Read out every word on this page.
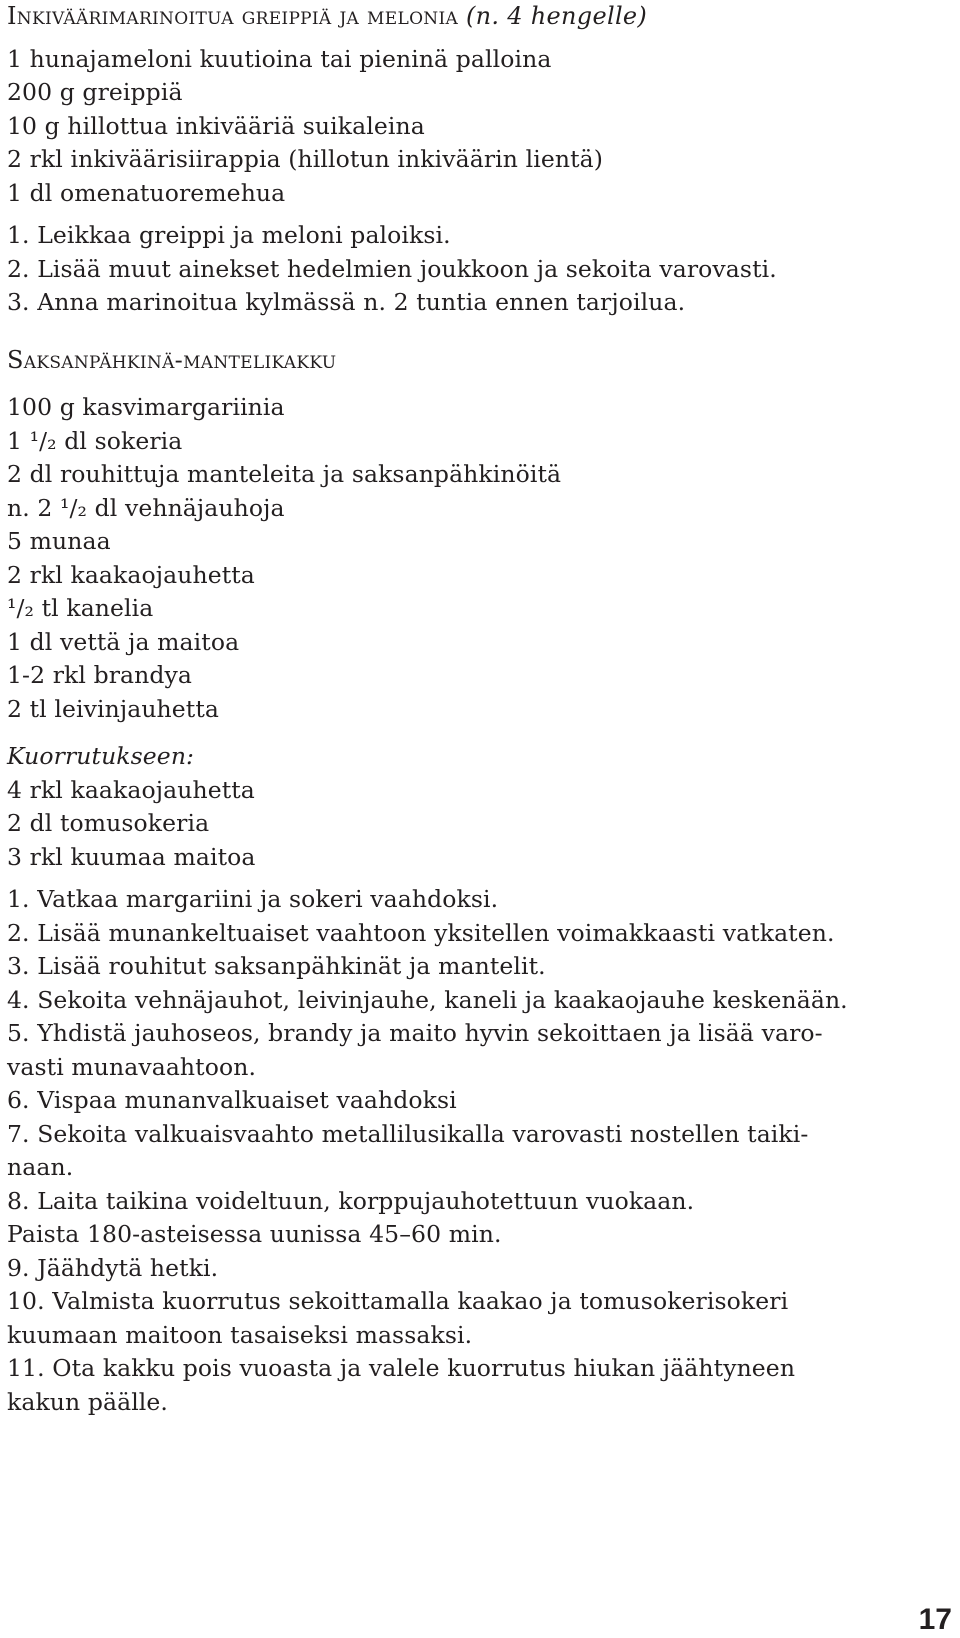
Inkiväärimarinoitua greippiä ja melonia (n. 4 hengelle)
1 hunajameloni kuutioina tai pieninä palloina
200 g greippiä
10 g hillottua inkivääriä suikaleina
2 rkl inkiväärisiirappia (hillotun inkiväärin lientä)
1 dl omenatuoremehua
1. Leikkaa greippi ja meloni paloiksi.
2. Lisää muut ainekset hedelmien joukkoon ja sekoita varovasti.
3. Anna marinoitua kylmässä n. 2 tuntia ennen tarjoilua.
Saksanpähkinä-mantelikakku
100 g kasvimargariinia
1 ¹/₂ dl sokeria
2 dl rouhittuja manteleita ja saksanpähkinöitä
n. 2 ¹/₂ dl vehnäjauhoja
5 munaa
2 rkl kaakaojauhetta
¹/₂ tl kanelia
1 dl vettä ja maitoa
1-2 rkl brandya
2 tl leivinjauhetta
Kuorrutukseen:
4 rkl kaakaojauhetta
2 dl tomusokeria
3 rkl kuumaa maitoa
1. Vatkaa margariini ja sokeri vaahdoksi.
2. Lisää munankeltuaiset vaahtoon yksitellen voimakkaasti vatkaten.
3. Lisää rouhitut saksanpähkinät ja mantelit.
4. Sekoita vehnäjauhot, leivinjauhe, kaneli ja kaakaojauhe keskenään.
5. Yhdistä jauhoseos, brandy ja maito hyvin sekoittaen ja lisää varo-
vasti munavaahtoon.
6. Vispaa munanvalkuaiset vaahdoksi
7. Sekoita valkuaisvaahto metallilusikalla varovasti nostellen taiki-
naan.
8. Laita taikina voideltuun, korppujauhotettuun vuokaan.
Paista 180-asteisessa uunissa 45–60 min.
9. Jäähdytä hetki.
10. Valmista kuorrutus sekoittamalla kaakao ja tomusokerisokeri
kuumaan maitoon tasaiseksi massaksi.
11. Ota kakku pois vuoasta ja valele kuorrutus hiukan jäähtyneen
kakun päälle.
17
